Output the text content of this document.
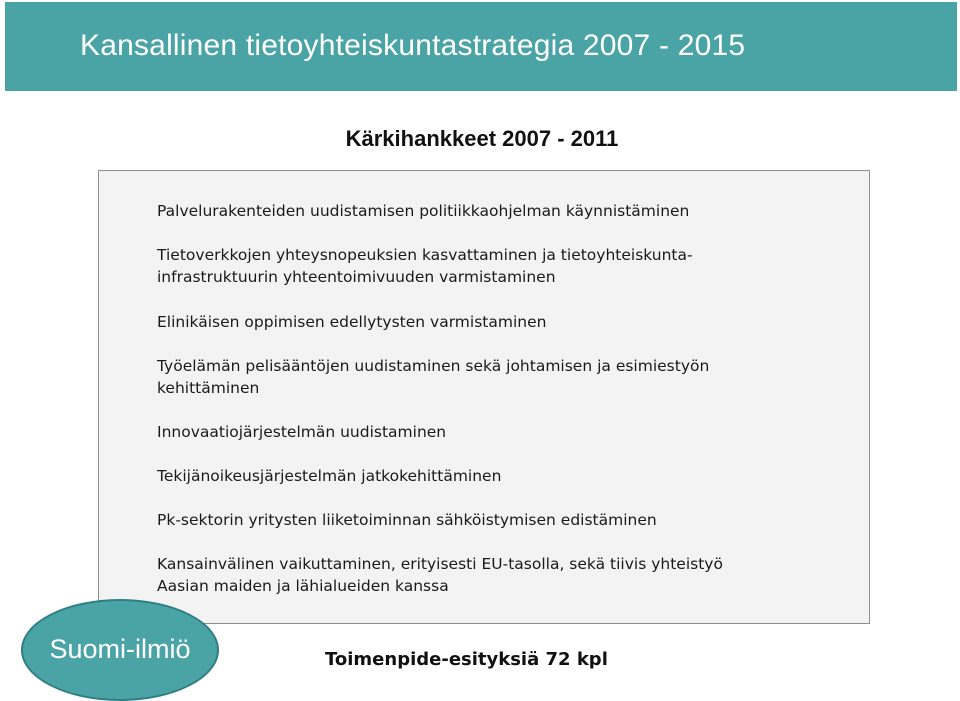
Kansallinen tietoyhteiskuntastrategia 2007 - 2015
Kärkihankkeet 2007 - 2011
Palvelurakenteiden uudistamisen politiikkaohjelman käynnistäminen
Tietoverkkojen yhteysnopeuksien kasvattaminen ja tietoyhteiskunta-
infrastruktuurin yhteentoimivuuden varmistaminen
Elinikäisen oppimisen edellytysten varmistaminen
Työelämän pelisääntöjen uudistaminen sekä johtamisen ja esimiestyön
kehittäminen
Innovaatiojärjestelmän uudistaminen
Tekijänoikeusjärjestelmän jatkokehittäminen
Pk-sektorin yritysten liiketoiminnan sähköistymisen edistäminen
Kansainvälinen vaikuttaminen, erityisesti EU-tasolla, sekä tiivis yhteistyö
Aasian maiden ja lähialueiden kanssa
Suomi-ilmiö	Toimenpide-esityksiä 72 kpl
